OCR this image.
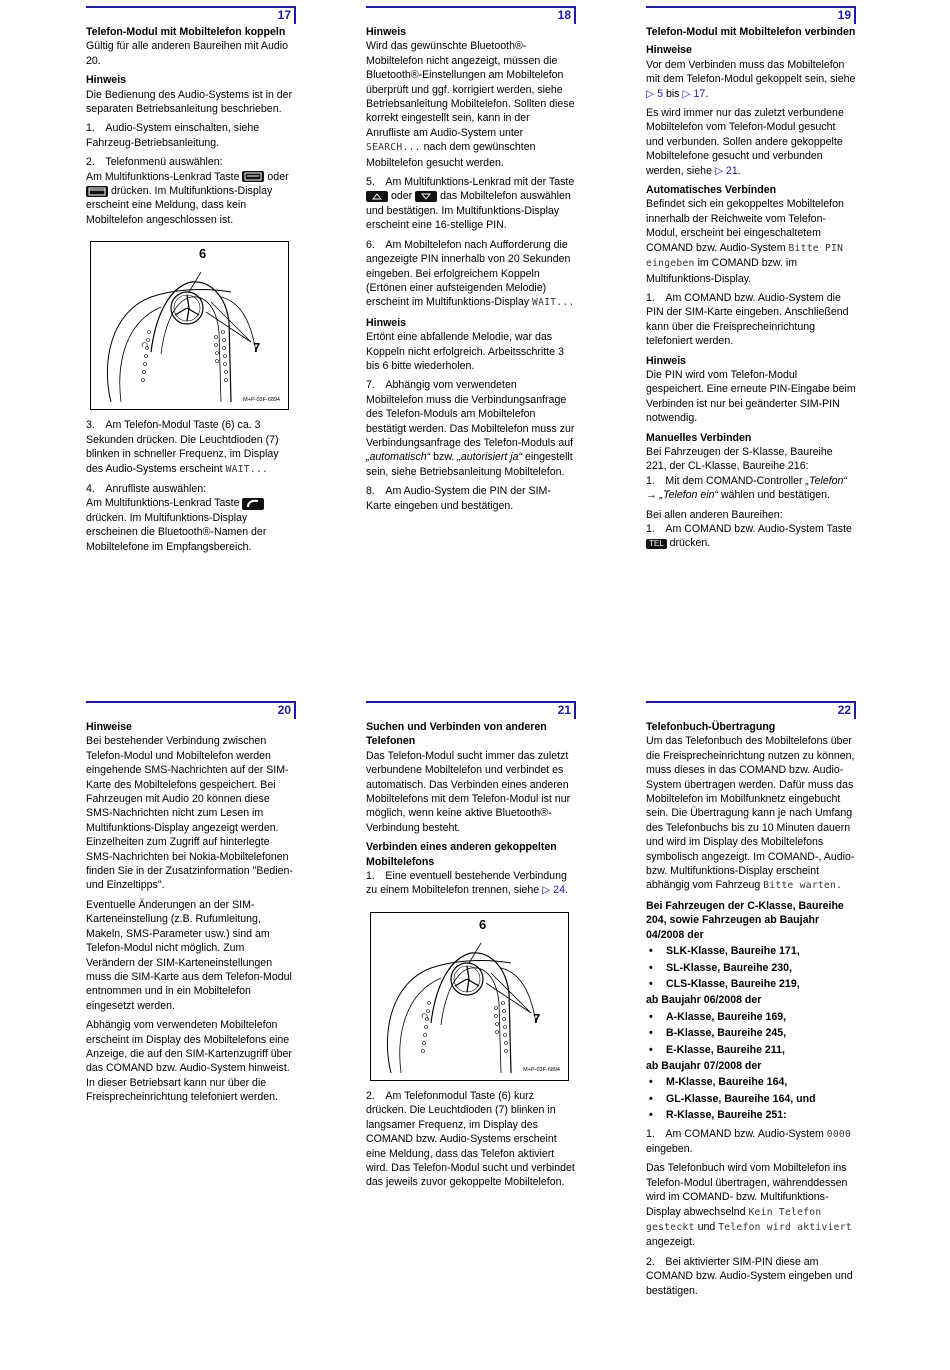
17
Telefon-Modul mit Mobiltelefon koppeln

Gültig für alle anderen Baureihen mit Audio 20.

Hinweis

Die Bedienung des Audio-Systems ist in der separaten Betriebsanleitung beschrieben.

1. Audio-System einschalten, siehe Fahrzeug-Betriebsanleitung.

2. Telefonmenü auswählen:
Am Multifunktions-Lenkrad Taste	oder
drücken. Im Multifunktions-Display erscheint eine Meldung, dass kein Mobiltelefon angeschlossen ist.

6
7
M+P-03F-6894

3. Am Telefon-Modul Taste (6) ca. 3 Sekunden drücken. Die Leuchtdioden (7) blinken in schneller Frequenz, im Display des Audio-Systems erscheint WAIT...

4. Anrufliste auswählen:
Am Multifunktions-Lenkrad Taste  drücken. Im Multifunktions-Display erscheinen die Bluetooth®-Namen der Mobiltelefone im Empfangsbereich.

18
Hinweis

Wird das gewünschte Bluetooth®-Mobiltelefon nicht angezeigt, müssen die Bluetooth®-Einstellungen am Mobiltelefon überprüft und ggf. korrigiert werden, siehe Betriebsanleitung Mobiltelefon. Sollten diese korrekt eingestellt sein, kann in der Anrufliste am Audio-System unter SEARCH... nach dem gewünschten Mobiltelefon gesucht werden.

5. Am Multifunktions-Lenkrad mit der Taste  oder	das Mobiltelefon auswählen und bestätigen. Im Multifunktions-Display erscheint eine 16-stellige PIN.

6. Am Mobiltelefon nach Aufforderung die angezeigte PIN innerhalb von 20 Sekunden eingeben. Bei erfolgreichem Koppeln (Ertönen einer aufsteigenden Melodie) erscheint im Multifunktions-Display WAIT...

Hinweis

Ertönt eine abfallende Melodie, war das Koppeln nicht erfolgreich. Arbeitsschritte 3 bis 6 bitte wiederholen.

7. Abhängig vom verwendeten Mobiltelefon muss die Verbindungsanfrage des Telefon-Moduls am Mobiltelefon bestätigt werden. Das Mobiltelefon muss zur Verbindungsanfrage des Telefon-Moduls auf „automatisch“ bzw. „autorisiert ja“ eingestellt sein, siehe Betriebsanleitung Mobiltelefon.

8. Am Audio-System die PIN der SIM-Karte eingeben und bestätigen.

19
Telefon-Modul mit Mobiltelefon verbinden
Hinweise

Vor dem Verbinden muss das Mobiltelefon mit dem Telefon-Modul gekoppelt sein, siehe ▷ 5 bis ▷ 17.

Es wird immer nur das zuletzt verbundene Mobiltelefon vom Telefon-Modul gesucht und verbunden. Sollen andere gekoppelte Mobiltelefone gesucht und verbunden werden, siehe ▷ 21.

Automatisches Verbinden

Befindet sich ein gekoppeltes Mobiltelefon innerhalb der Reichweite vom Telefon-Modul, erscheint bei eingeschaltetem COMAND bzw. Audio-System Bitte PIN eingeben im COMAND bzw. im Multifunktions-Display.

1. Am COMAND bzw. Audio-System die PIN der SIM-Karte eingeben. Anschließend kann über die Freisprecheinrichtung telefoniert werden.

Hinweis

Die PIN wird vom Telefon-Modul gespeichert. Eine erneute PIN-Eingabe beim Verbinden ist nur bei geänderter SIM-PIN notwendig.

Manuelles Verbinden
Bei Fahrzeugen der S-Klasse, Baureihe 221, der CL-Klasse, Baureihe 216:

1. Mit dem COMAND-Controller „Telefon“ → „Telefon ein“ wählen und bestätigen.

Bei allen anderen Baureihen:

1. Am COMAND bzw. Audio-System Taste TEL drücken.

20
Hinweise

Bei bestehender Verbindung zwischen Telefon-Modul und Mobiltelefon werden eingehende SMS-Nachrichten auf der SIM-Karte des Mobiltelefons gespeichert. Bei Fahrzeugen mit Audio 20 können diese SMS-Nachrichten nicht zum Lesen im Multifunktions-Display angezeigt werden. Einzelheiten zum Zugriff auf hinterlegte SMS-Nachrichten bei Nokia-Mobiltelefonen finden Sie in der Zusatzinformation "Bedien- und Einzeltipps".

Eventuelle Änderungen an der SIM-Karteneinstellung (z.B. Rufumleitung, Makeln, SMS-Parameter usw.) sind am Telefon-Modul nicht möglich. Zum Verändern der SIM-Karteneinstellungen muss die SIM-Karte aus dem Telefon-Modul entnommen und in ein Mobiltelefon eingesetzt werden.

Abhängig vom verwendeten Mobiltelefon erscheint im Display des Mobiltelefons eine Anzeige, die auf den SIM-Kartenzugriff über das COMAND bzw. Audio-System hinweist. In dieser Betriebsart kann nur über die Freisprecheinrichtung telefoniert werden.

21
Suchen und Verbinden von anderen Telefonen

Das Telefon-Modul sucht immer das zuletzt verbundene Mobiltelefon und verbindet es automatisch. Das Verbinden eines anderen Mobiltelefons mit dem Telefon-Modul ist nur möglich, wenn keine aktive Bluetooth®-Verbindung besteht.

Verbinden eines anderen gekoppelten Mobiltelefons

1. Eine eventuell bestehende Verbindung zu einem Mobiltelefon trennen, siehe ▷ 24.

6
7
M+P-03F-6894

2. Am Telefonmodul Taste (6) kurz drücken. Die Leuchtdioden (7) blinken in langsamer Frequenz, im Display des COMAND bzw. Audio-Systems erscheint eine Meldung, dass das Telefon aktiviert wird. Das Telefon-Modul sucht und verbindet das jeweils zuvor gekoppelte Mobiltelefon.

22
Telefonbuch-Übertragung

Um das Telefonbuch des Mobiltelefons über die Freisprecheinrichtung nutzen zu können, muss dieses in das COMAND bzw. Audio-System übertragen werden. Dafür muss das Mobiltelefon im Mobilfunknetz eingebucht sein. Die Übertragung kann je nach Umfang des Telefonbuchs bis zu 10 Minuten dauern und wird im Display des Mobiltelefons symbolisch angezeigt. Im COMAND-, Audio- bzw. Multifunktions-Display erscheint abhängig vom Fahrzeug Bitte warten.

Bei Fahrzeugen der C-Klasse, Baureihe 204, sowie Fahrzeugen ab Baujahr 04/2008 der
• SLK-Klasse, Baureihe 171,
• SL-Klasse, Baureihe 230,
• CLS-Klasse, Baureihe 219,
ab Baujahr 06/2008 der
• A-Klasse, Baureihe 169,
• B-Klasse, Baureihe 245,
• E-Klasse, Baureihe 211,
ab Baujahr 07/2008 der
• M-Klasse, Baureihe 164,
• GL-Klasse, Baureihe 164, und
• R-Klasse, Baureihe 251:

1. Am COMAND bzw. Audio-System 0000 eingeben.

Das Telefonbuch wird vom Mobiltelefon ins Telefon-Modul übertragen, währenddessen wird im COMAND- bzw. Multifunktions-Display abwechselnd Kein Telefon gesteckt und Telefon wird aktiviert angezeigt.

2. Bei aktivierter SIM-PIN diese am COMAND bzw. Audio-System eingeben und bestätigen.
